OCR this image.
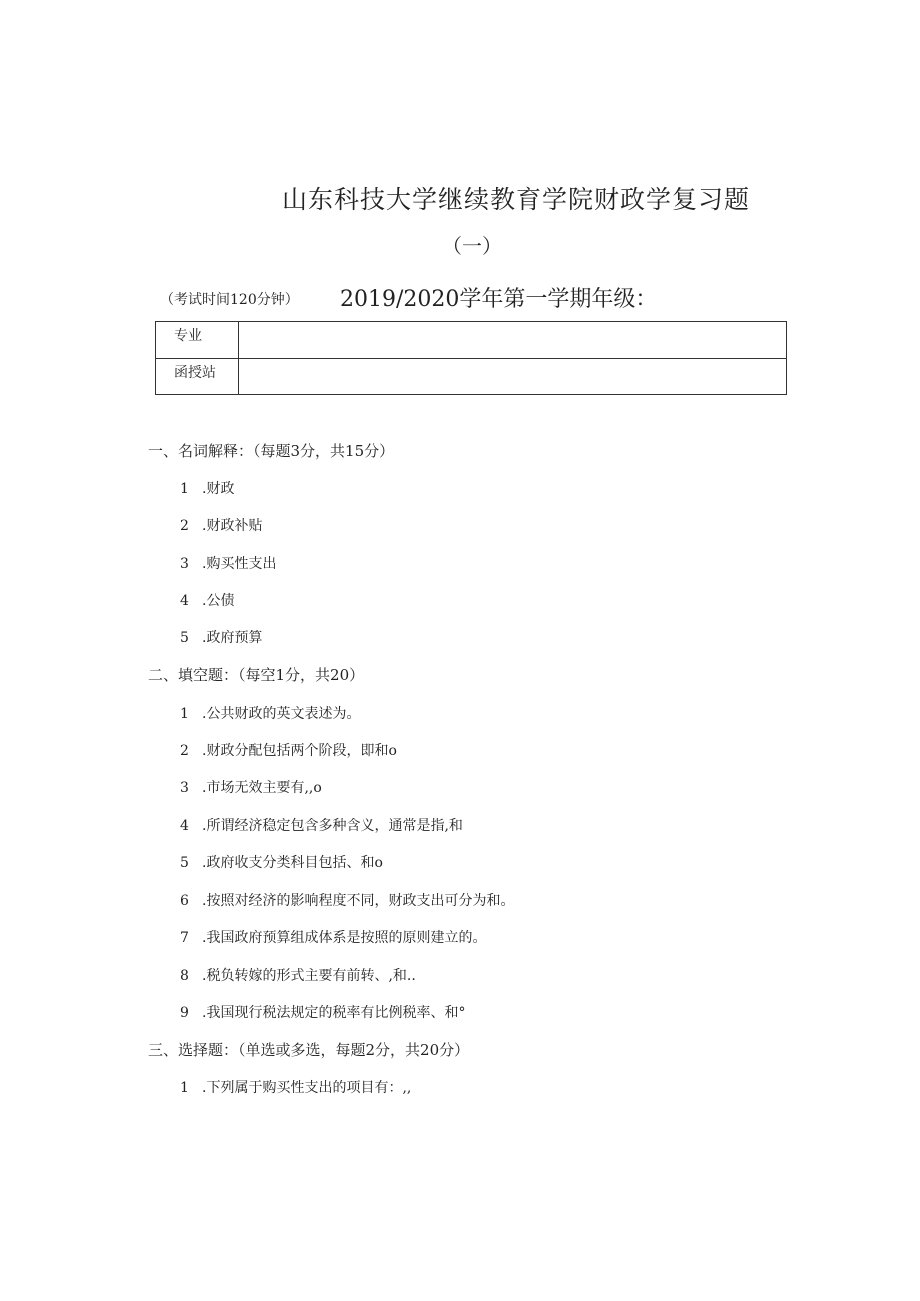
山东科技大学继续教育学院财政学复习题
（一）
（考试时间120分钟） 2019/2020学年第一学期年级：
专业	
函授站	
一、名词解释：（每题3分，共15分）
1 .财政
2 .财政补贴
3 .购买性支出
4 .公债
5 .政府预算
二、填空题：（每空1分，共20）
1 .公共财政的英文表述为。
2 .财政分配包括两个阶段，即和o
3 .市场无效主要有,,o
4 .所谓经济稳定包含多种含义，通常是指,和
5 .政府收支分类科目包括、和o
6 .按照对经济的影响程度不同，财政支出可分为和。
7 .我国政府预算组成体系是按照的原则建立的。
8 .税负转嫁的形式主要有前转、,和..
9 .我国现行税法规定的税率有比例税率、和°
三、选择题：（单选或多选，每题2分，共20分）
1 .下列属于购买性支出的项目有：,,
